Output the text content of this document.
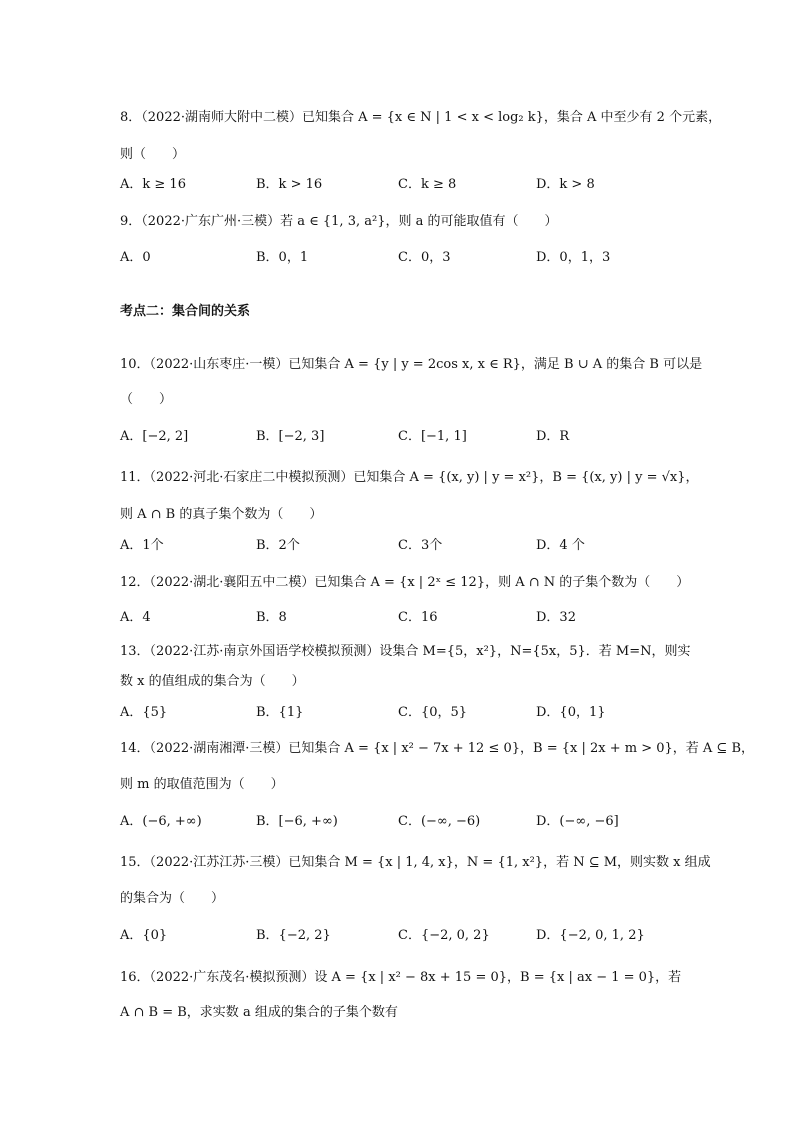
8．（2022·湖南师大附中二模）已知集合 A = {x ∈ N | 1 < x < log₂ k}，集合 A 中至少有 2 个元素，
则（　　）
A．k ≥ 16	B．k > 16	C．k ≥ 8	D．k > 8
9．（2022·广东广州·三模）若 a ∈ {1, 3, a²}，则 a 的可能取值有（　　）
A．0	B．0，1	C．0，3	D．0，1，3
考点二：集合间的关系
10．（2022·山东枣庄·一模）已知集合 A = {y | y = 2cos x, x ∈ R}，满足 B ∪ A 的集合 B 可以是
（　　）
A．[−2, 2]	B．[−2, 3]	C．[−1, 1]	D．R
11．（2022·河北·石家庄二中模拟预测）已知集合 A = {(x, y) | y = x²}，B = {(x, y) | y = √x}，
则 A ∩ B 的真子集个数为（　　）
A．1个	B．2个	C．3个	D．4 个
12．（2022·湖北·襄阳五中二模）已知集合 A = {x | 2ˣ ≤ 12}，则 A ∩ N 的子集个数为（　　）
A．4	B．8	C．16	D．32
13．（2022·江苏·南京外国语学校模拟预测）设集合 M={5，x²}，N={5x，5}．若 M=N，则实
数 x 的值组成的集合为（　　）
A．{5}	B．{1}	C．{0，5}	D．{0，1}
14．（2022·湖南湘潭·三模）已知集合 A = {x | x² − 7x + 12 ≤ 0}，B = {x | 2x + m > 0}，若 A ⊆ B，
则 m 的取值范围为（　　）
A．(−6, +∞)	B．[−6, +∞)	C．(−∞, −6)	D．(−∞, −6]
15．（2022·江苏江苏·三模）已知集合 M = {x | 1, 4, x}，N = {1, x²}，若 N ⊆ M，则实数 x 组成
的集合为（　　）
A．{0}	B．{−2, 2}	C．{−2, 0, 2}	D．{−2, 0, 1, 2}
16．（2022·广东茂名·模拟预测）设 A = {x | x² − 8x + 15 = 0}，B = {x | ax − 1 = 0}，若
A ∩ B = B，求实数 a 组成的集合的子集个数有
